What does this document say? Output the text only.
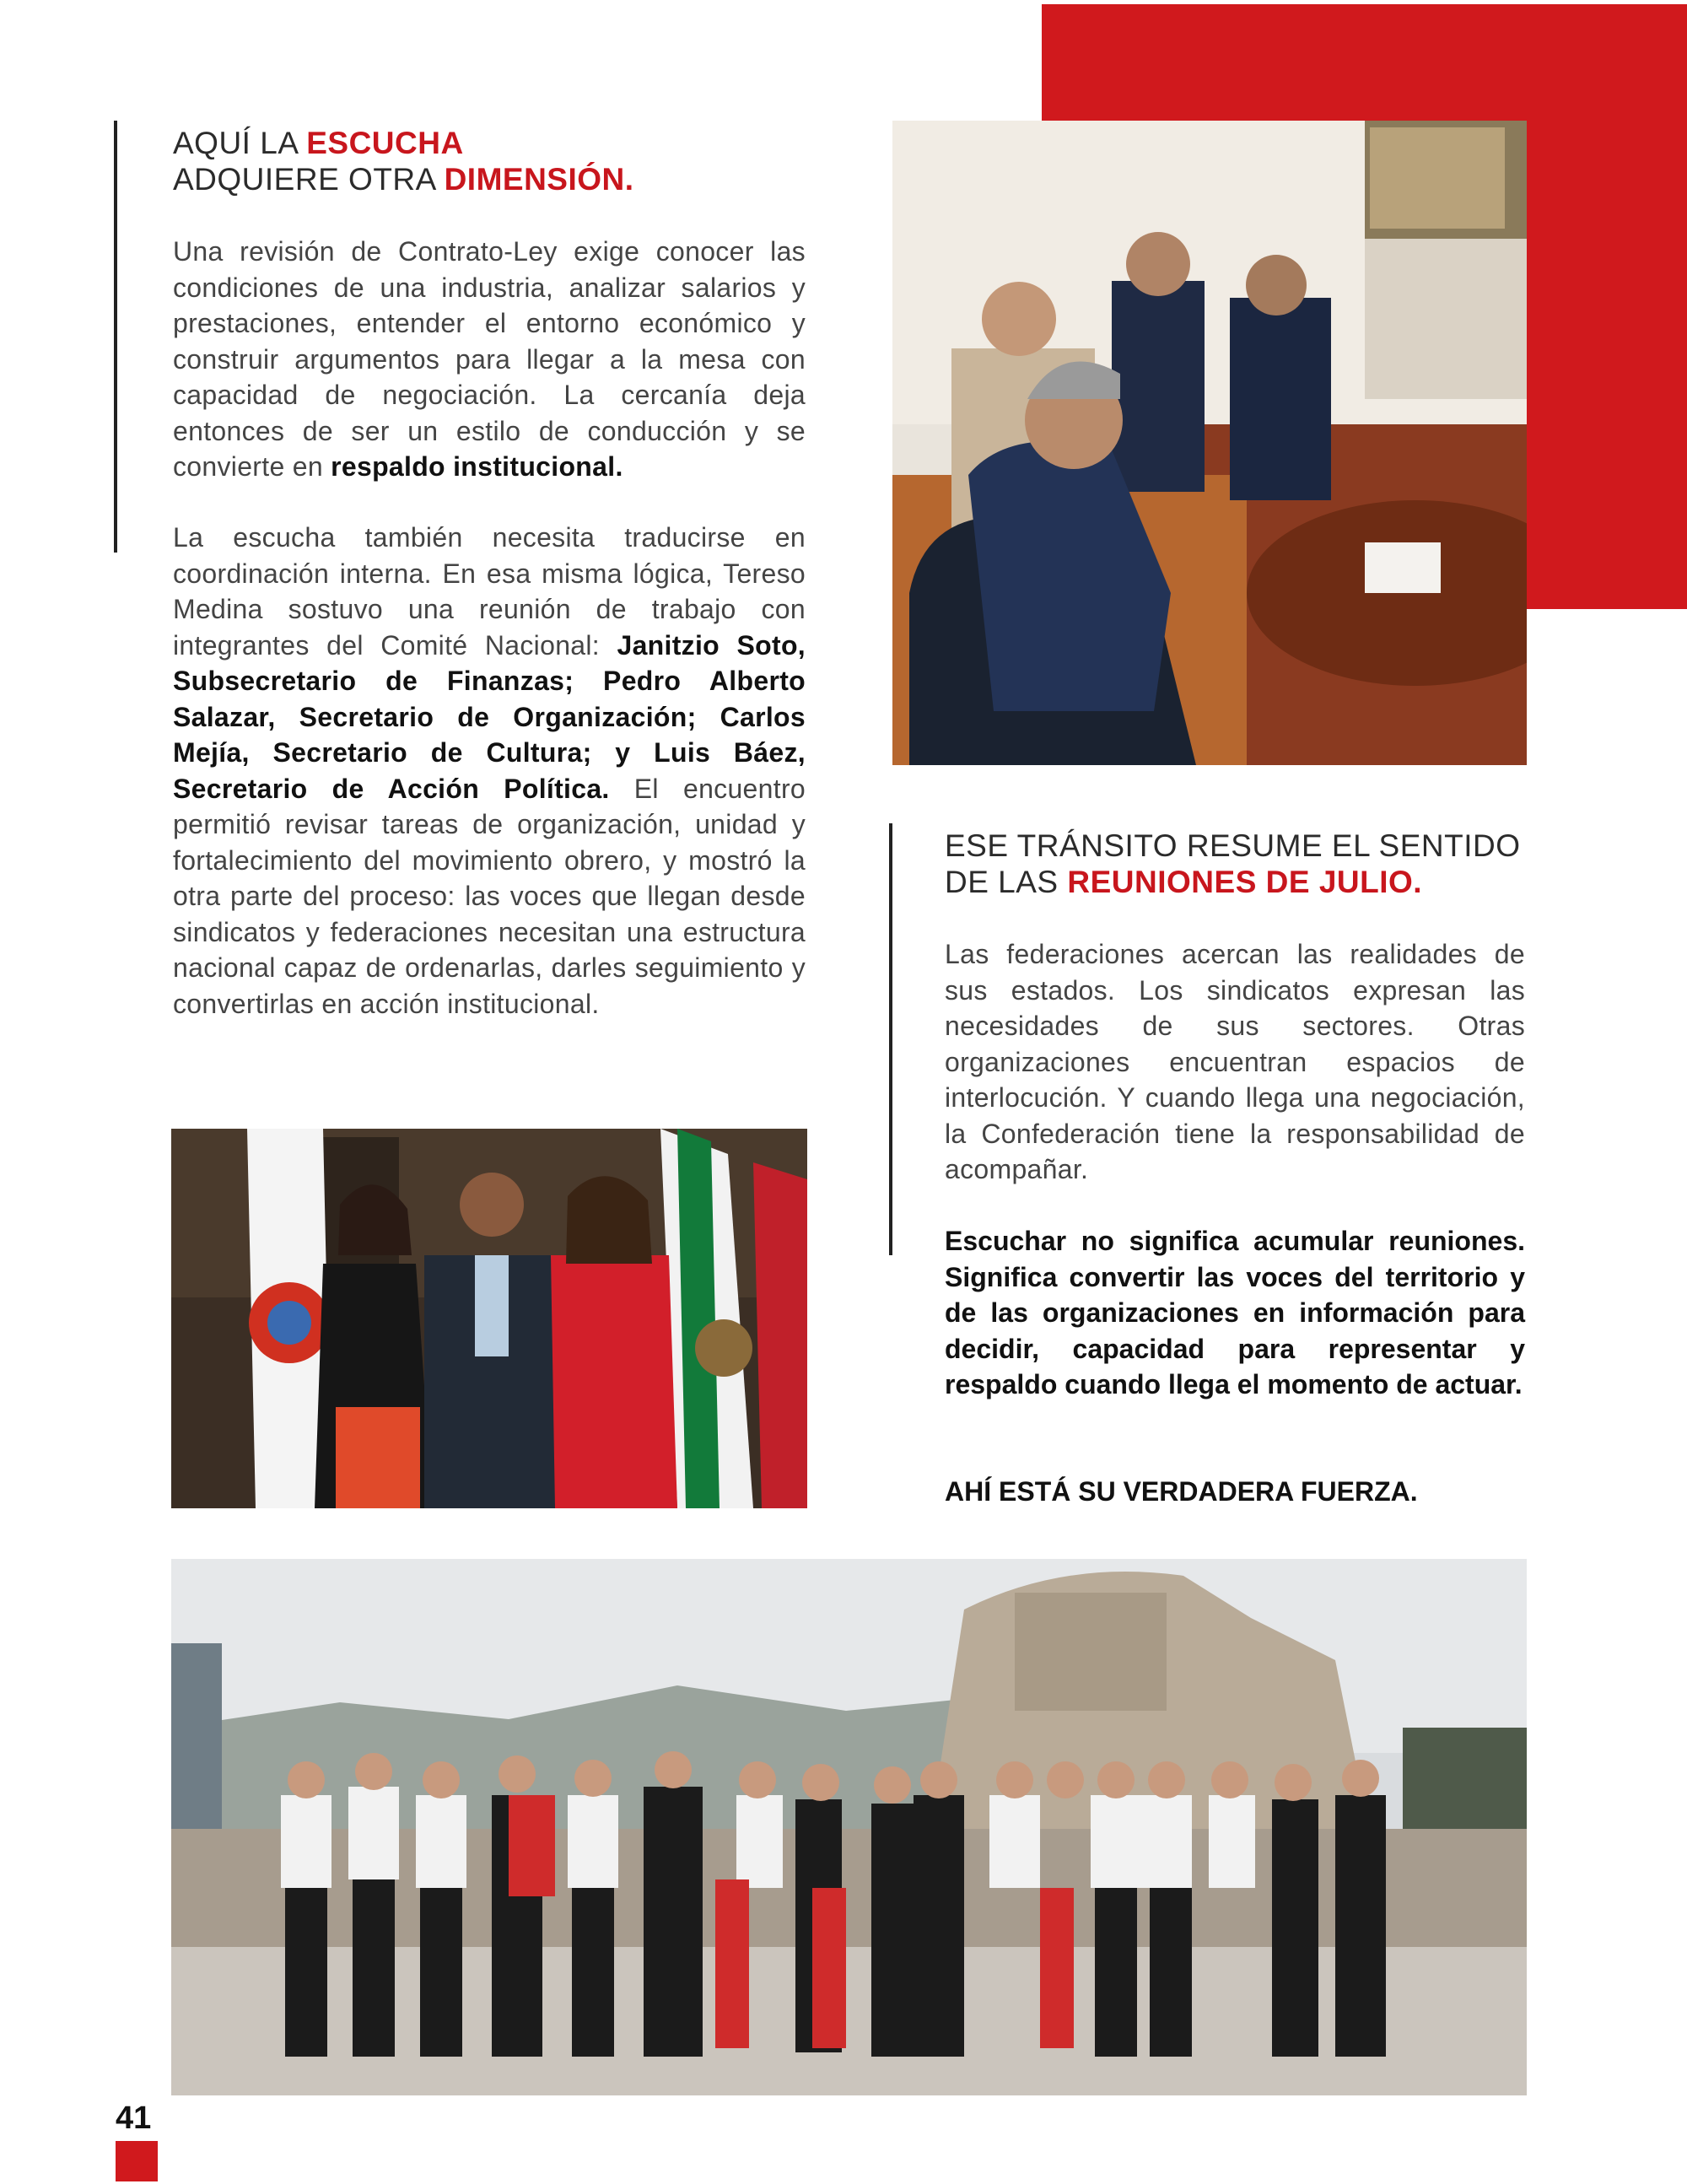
AQUÍ LA ESCUCHA
ADQUIERE OTRA DIMENSIÓN.

Una revisión de Contrato-Ley exige conocer las condiciones de una industria, analizar salarios y prestaciones, entender el entorno económico y construir argumentos para llegar a la mesa con capacidad de negociación. La cercanía deja entonces de ser un estilo de conducción y se convierte en respaldo institucional.

La escucha también necesita traducirse en coordinación interna. En esa misma lógica, Tereso Medina sostuvo una reunión de trabajo con integrantes del Comité Nacional: Janitzio Soto, Subsecretario de Finanzas; Pedro Alberto Salazar, Secretario de Organización; Carlos Mejía, Secretario de Cultura; y Luis Báez, Secretario de Acción Política. El encuentro permitió revisar tareas de organización, unidad y fortalecimiento del movimiento obrero, y mostró la otra parte del proceso: las voces que llegan desde sindicatos y federaciones necesitan una estructura nacional capaz de ordenarlas, darles seguimiento y convertirlas en acción institucional.

ESE TRÁNSITO RESUME EL SENTIDO
DE LAS REUNIONES DE JULIO.

Las federaciones acercan las realidades de sus estados. Los sindicatos expresan las necesidades de sus sectores. Otras organizaciones encuentran espacios de interlocución. Y cuando llega una negociación, la Confederación tiene la responsabilidad de acompañar.

Escuchar no significa acumular reuniones. Significa convertir las voces del territorio y de las organizaciones en información para decidir, capacidad para representar y respaldo cuando llega el momento de actuar.

AHÍ ESTÁ SU VERDADERA FUERZA.

41
